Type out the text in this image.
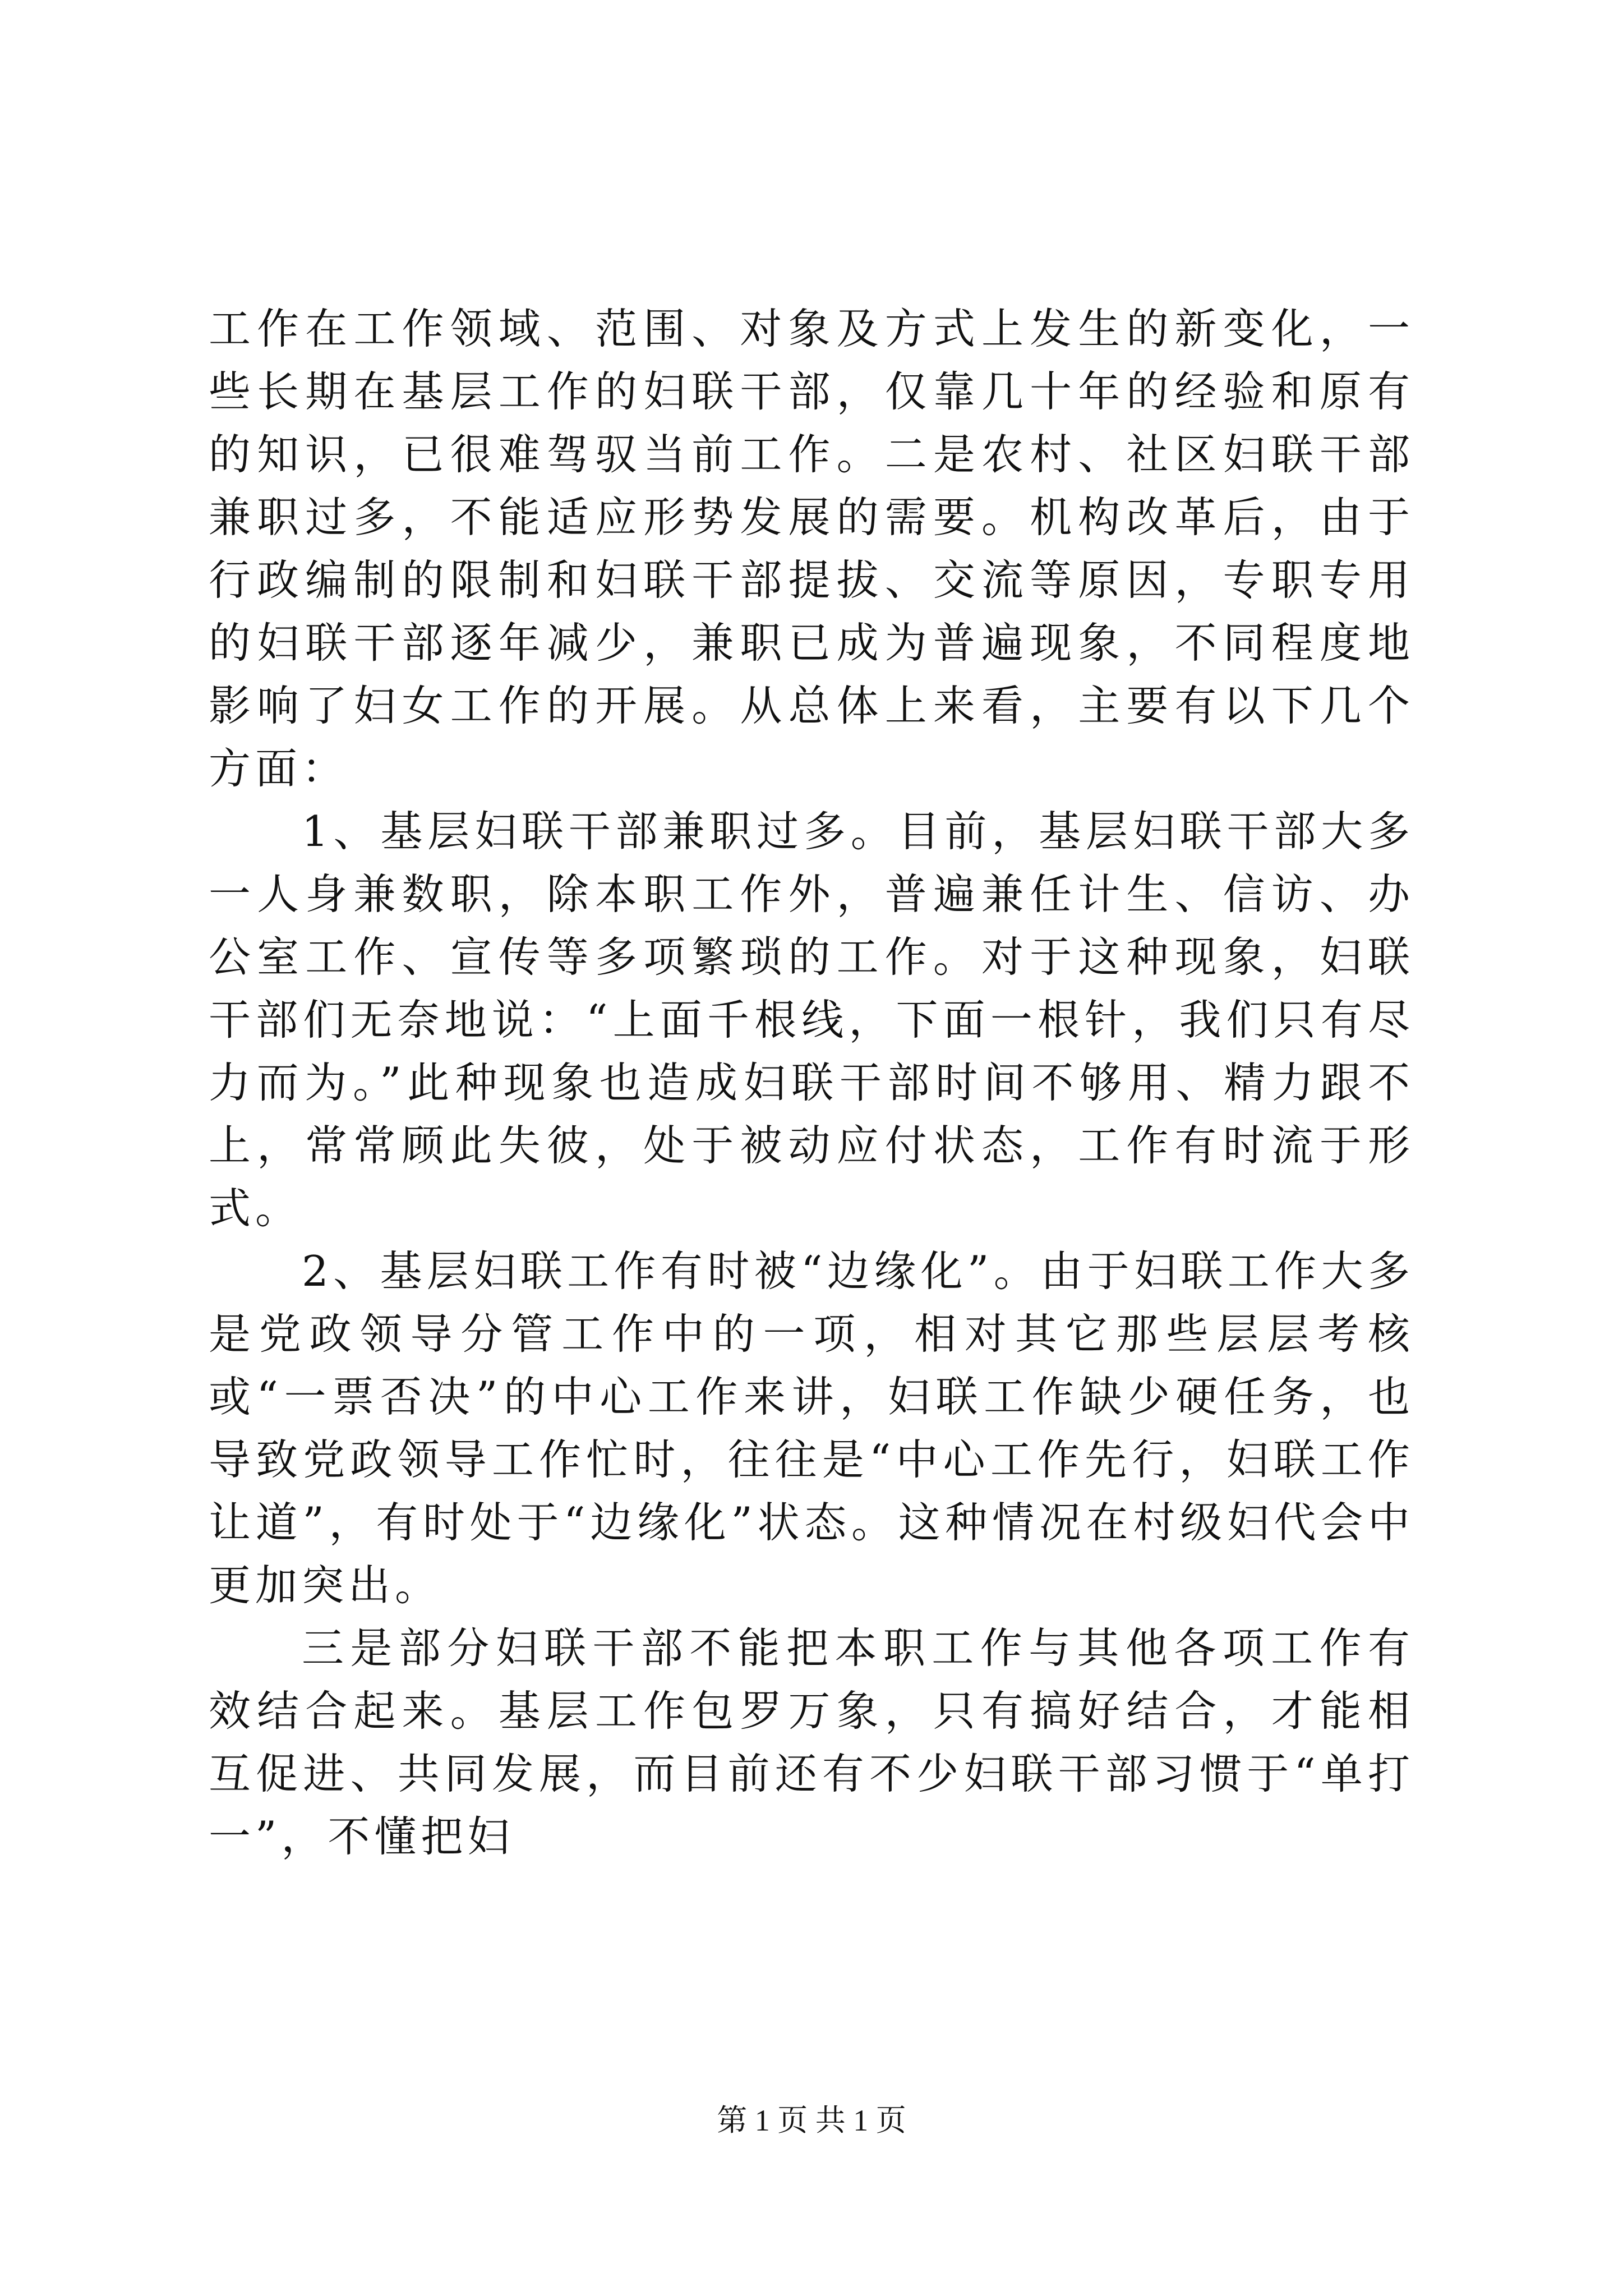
工作在工作领域、范围、对象及方式上发生的新变化，一些长期在基层工作的妇联干部，仅靠几十年的经验和原有的知识，已很难驾驭当前工作。二是农村、社区妇联干部兼职过多，不能适应形势发展的需要。机构改革后，由于行政编制的限制和妇联干部提拔、交流等原因，专职专用的妇联干部逐年减少，兼职已成为普遍现象，不同程度地影响了妇女工作的开展。从总体上来看，主要有以下几个方面：

1、基层妇联干部兼职过多。目前，基层妇联干部大多一人身兼数职，除本职工作外，普遍兼任计生、信访、办公室工作、宣传等多项繁琐的工作。对于这种现象，妇联干部们无奈地说：“上面千根线，下面一根针，我们只有尽力而为。”此种现象也造成妇联干部时间不够用、精力跟不上，常常顾此失彼，处于被动应付状态，工作有时流于形式。

2、基层妇联工作有时被“边缘化”。由于妇联工作大多是党政领导分管工作中的一项，相对其它那些层层考核或“一票否决”的中心工作来讲，妇联工作缺少硬任务，也导致党政领导工作忙时，往往是“中心工作先行，妇联工作让道”，有时处于“边缘化”状态。这种情况在村级妇代会中更加突出。

三是部分妇联干部不能把本职工作与其他各项工作有效结合起来。基层工作包罗万象，只有搞好结合，才能相互促进、共同发展，而目前还有不少妇联干部习惯于“单打一”，不懂把妇

第 1 页 共 1 页
